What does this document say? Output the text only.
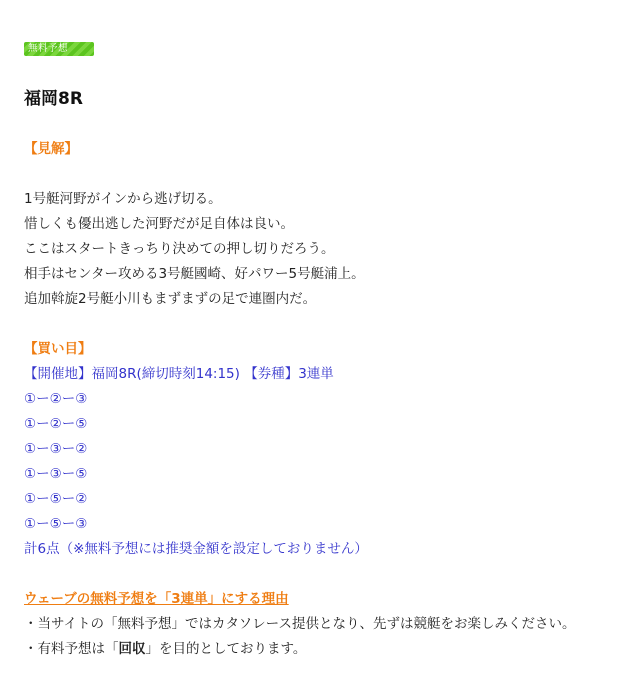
無料予想
福岡8R
【見解】
1号艇河野がインから逃げ切る。
惜しくも優出逃した河野だが足自体は良い。
ここはスタートきっちり決めての押し切りだろう。
相手はセンター攻める3号艇國崎、好パワー5号艇浦上。
追加斡旋2号艇小川もまずまずの足で連圏内だ。
【買い目】
【開催地】福岡8R(締切時刻14:15) 【券種】3連単
①ー②ー③
①ー②ー⑤
①ー③ー②
①ー③ー⑤
①ー⑤ー②
①ー⑤ー③
計6点（※無料予想には推奨金額を設定しておりません）
ウェーブの無料予想を「3連単」にする理由
・当サイトの「無料予想」ではカタソレース提供となり、先ずは競艇をお楽しみください。
・有料予想は「回収」を目的としております。
